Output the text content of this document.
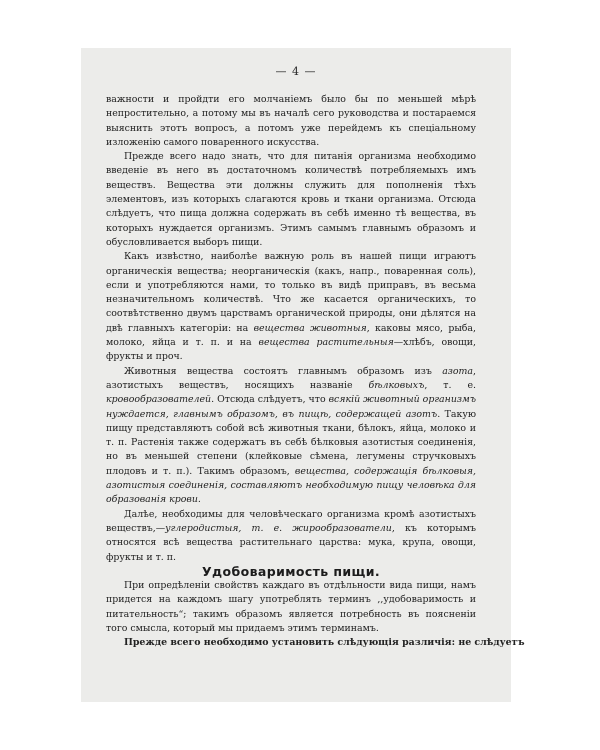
— 4 —

важности и пройдти его молчаніемъ было бы по меньшей мѣрѣ непростительно, а потому мы въ началѣ сего руководства и постараемся выяснить этотъ вопросъ, а потомъ уже перейдемъ къ спеціальному изложенію самого поваренного искусства.

Прежде всего надо знать, что для питанія организма необходимо введеніе въ него въ достаточномъ количествѣ потребляемыхъ имъ веществъ. Вещества эти должны служить для пополненія тѣхъ элементовъ, изъ которыхъ слагаются кровь и ткани организма. Отсюда слѣдуетъ, что пища должна содержать въ себѣ именно тѣ вещества, въ которыхъ нуждается организмъ. Этимъ самымъ главнымъ образомъ и обусловливается выборъ пищи.

Какъ извѣстно, наиболѣе важную роль въ нашей пищи играютъ органическія вещества; неорганическія (какъ, напр., поваренная соль), если и употребляются нами, то только въ видѣ приправъ, въ весьма незначительномъ количествѣ. Что же касается органическихъ, то соотвѣтственно двумъ царствамъ органической природы, они дѣлятся на двѣ главныхъ категоріи: на вещества животныя, каковы мясо, рыба, молоко, яйца и т. п. и на вещества растительныя—хлѣбъ, овощи, фрукты и проч.

Животныя вещества состоятъ главнымъ образомъ изъ азота, азотистыхъ веществъ, носящихъ названіе бѣлковыхъ, т. е. кровообразователей. Отсюда слѣдуетъ, что всякій животный организмъ нуждается, главнымъ образомъ, въ пищѣ, содержащей азотъ. Такую пищу представляютъ собой всѣ животныя ткани, бѣлокъ, яйца, молоко и т. п. Растенія также содержатъ въ себѣ бѣлковыя азотистыя соединенія, но въ меньшей степени (клейковые сѣмена, легумены стручковыхъ плодовъ и т. п.). Такимъ образомъ, вещества, содержащія бѣлковыя, азотистыя соединенія, составляютъ необходимую пищу человѣка для образованія крови.

Далѣе, необходимы для человѣческаго организма кромѣ азотистыхъ веществъ,—углеродистыя, т. е. жирообразователи, къ которымъ относятся всѣ вещества растительнаго царства: мука, крупа, овощи, фрукты и т. п.

Удобоваримость пищи.

При опредѣленіи свойствъ каждаго въ отдѣльности вида пищи, намъ придется на каждомъ шагу употреблять терминъ ,,удобоваримость и питательность“; такимъ образомъ является потребность въ поясненіи того смысла, который мы придаемъ этимъ терминамъ.

Прежде всего необходимо установить слѣдующія различія: не слѣдуетъ
